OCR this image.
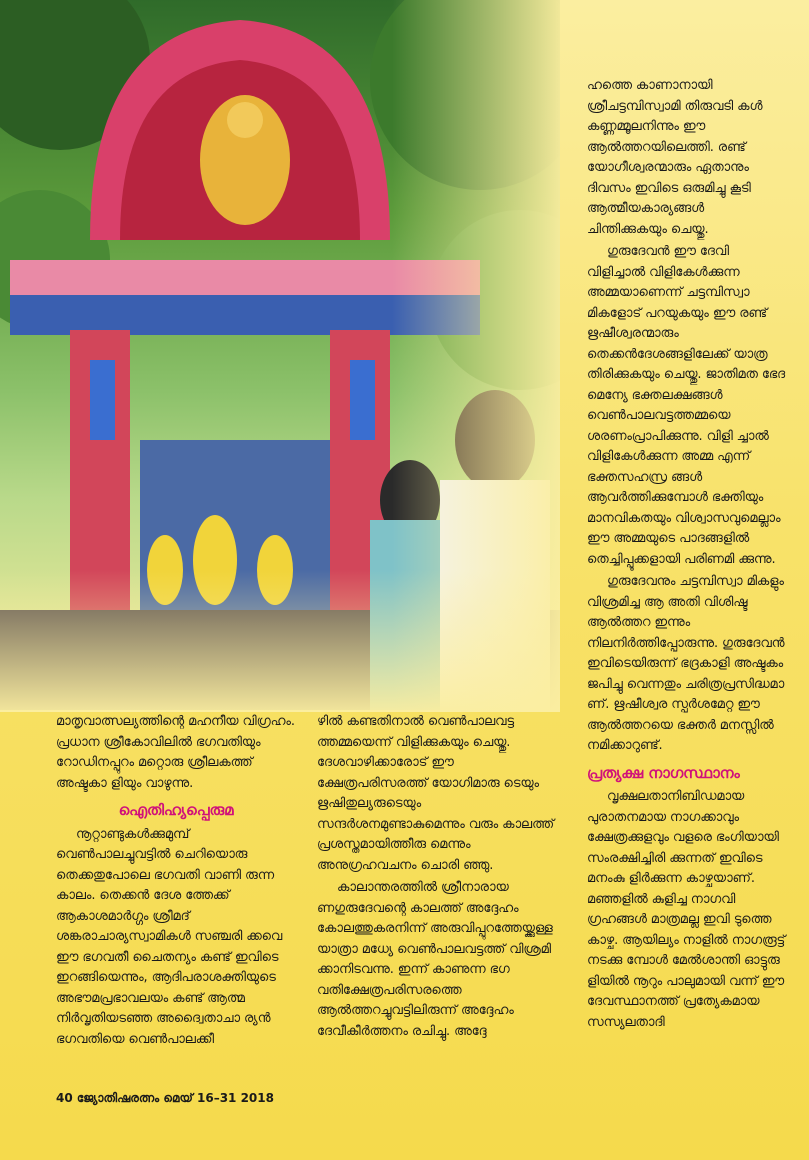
മാതൃവാത്സല്യത്തിന്റെ മഹനീയ വിഗ്രഹം. പ്രധാന ശ്രീകോവിലിൽ ഭഗവതിയും റോഡിനപ്പുറം മറ്റൊരു ശ്രീലകത്ത് അഷ്ടകാ ളിയും വാഴുന്നു.

ഐതിഹ്യപ്പെരുമ

നൂറ്റാണ്ടുകൾക്കുമുമ്പ് വെൺപാലച്ചുവട്ടിൽ ചെറിയൊരു തെക്കതുപോലെ ഭഗവതി വാണി രുന്ന കാലം. തെക്കൻ ദേശ ത്തേക്ക് ആകാശമാർഗ്ഗം ശ്രീമദ് ശങ്കരാചാര്യസ്വാമികൾ സഞ്ചരി ക്കവെ ഈ ഭഗവതീ ചൈതന്യം കണ്ട് ഇവിടെ ഇറങ്ങിയെന്നും, ആദിപരാശക്തിയുടെ അഭൗമപ്രഭാവലയം കണ്ട് ആത്മ നിർവൃതിയടഞ്ഞ അദ്വൈതാചാ ര്യൻ ഭഗവതിയെ വെൺപാലക്കീ

ഴിൽ കണ്ടതിനാൽ വെൺപാലവട്ട ത്തമ്മയെന്ന് വിളിക്കുകയും ചെയ്തു. ദേശവാഴിക്കാരോട് ഈ ക്ഷേത്രപരിസരത്ത് യോഗിമാരു ടെയും ഋഷിതുല്യരുടെയും സന്ദർശനമുണ്ടാകുമെന്നും വരും കാലത്ത് പ്രശസ്തമായിത്തീരു മെന്നും അനുഗ്രഹവചനം ചൊരി ഞ്ഞു.

കാലാന്തരത്തിൽ ശ്രീനാരായ ണഗുരുദേവന്റെ കാലത്ത് അദ്ദേഹം കോലത്തുകരനിന്ന് അരുവിപ്പുറത്തേയ്ക്കുള്ള യാത്രാ മധ്യേ വെൺപാലവട്ടത്ത് വിശ്രമി ക്കാനിടവന്നു. ഇന്ന് കാണുന്ന ഭഗ വതിക്ഷേത്രപരിസരത്തെ ആൽത്തറച്ചുവട്ടിലിരുന്ന് അദ്ദേഹം ദേവീകീർത്തനം രചിച്ചു. അദ്ദേ

ഹത്തെ കാണാനായി ശ്രീചട്ടമ്പിസ്വാമി തിരുവടി കൾ കണ്ണമ്മൂലനിന്നും ഈ ആൽത്തറയിലെത്തി. രണ്ട് യോഗീശ്വരന്മാരും ഏതാനും ദിവസം ഇവിടെ ഒരുമിച്ചു കൂടി ആത്മീയകാര്യങ്ങൾ ചിന്തിക്കുകയും ചെയ്തു.

ഗുരുദേവൻ ഈ ദേവി വിളിച്ചാൽ വിളികേൾക്കുന്ന അമ്മയാണെന്ന് ചട്ടമ്പിസ്വാ മികളോട് പറയുകയും ഈ രണ്ട് ഋഷീശ്വരന്മാരും തെക്കൻദേശങ്ങളിലേക്ക് യാത്ര തിരിക്കുകയും ചെയ്തു. ജാതിമത ഭേദ മെന്യേ ഭക്തലക്ഷങ്ങൾ വെൺപാലവട്ടത്തമ്മയെ ശരണംപ്രാപിക്കുന്നു. വിളി ച്ചാൽ വിളികേൾക്കുന്ന അമ്മ എന്ന് ഭക്തസഹസ്ര ങ്ങൾ ആവർത്തിക്കുമ്പോൾ ഭക്തിയും മാനവികതയും വിശ്വാസവുമെല്ലാം ഈ അമ്മയുടെ പാദങ്ങളിൽ തെച്ചിപ്പൂക്കളായി പരിണമി ക്കുന്നു.

ഗുരുദേവനും ചട്ടമ്പിസ്വാ മികളും വിശ്രമിച്ച ആ അതി വിശിഷ്ട ആൽത്തറ ഇന്നും നിലനിർത്തിപ്പോരുന്നു. ഗുരുദേവൻ ഇവിടെയിരുന്ന് ഭദ്രകാളി അഷ്ടകം ജപിച്ചു വെന്നതും ചരിത്രപ്രസിദ്ധമാ ണ്. ഋഷീശ്വര സ്പർശമേറ്റ ഈ ആൽത്തറയെ ഭക്തർ മനസ്സിൽ നമിക്കാറുണ്ട്.

പ്രത്യക്ഷ നാഗസ്ഥാനം

വൃക്ഷലതാനിബിഡമായ പുരാതനമായ നാഗക്കാവും ക്ഷേത്രക്കുളവും വളരെ ഭംഗിയായി സംരക്ഷിച്ചിരി ക്കുന്നത് ഇവിടെ മനംകു ളിർക്കുന്ന കാഴ്ചയാണ്. മഞ്ഞളിൽ കുളിച്ച നാഗവി ഗ്രഹങ്ങൾ മാത്രമല്ല ഇവി ടുത്തെ കാഴ്ച. ആയില്യം നാളിൽ നാഗരൂട്ട് നടക്കു മ്പോൾ മേൽശാന്തി ഓട്ടുരു ളിയിൽ നൂറും പാലുമായി വന്ന് ഈ ദേവസ്ഥാനത്ത് പ്രത്യേകമായ സസ്യലതാദി

40 ജ്യോതിഷരത്നം മെയ് 16–31 2018
